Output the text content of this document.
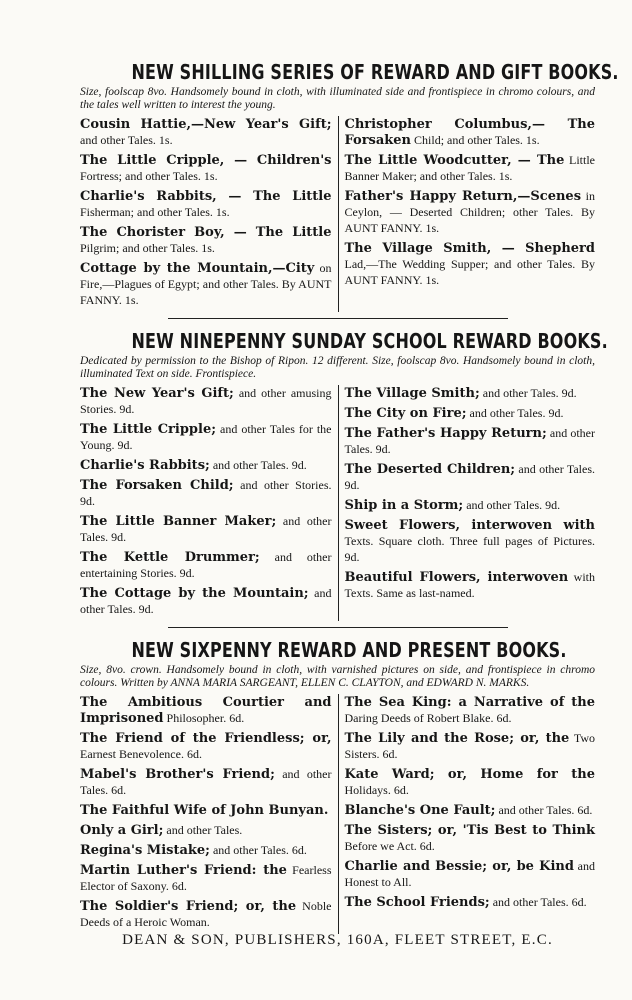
NEW SHILLING SERIES OF REWARD AND GIFT BOOKS.
Size, foolscap 8vo. Handsomely bound in cloth, with illuminated side and frontispiece in chromo colours, and the tales well written to interest the young.
Cousin Hattie,—New Year's Gift; and other Tales. 1s.
The Little Cripple, — Children's Fortress; and other Tales. 1s.
Charlie's Rabbits, — The Little Fisherman; and other Tales. 1s.
The Chorister Boy, — The Little Pilgrim; and other Tales. 1s.
Cottage by the Mountain,—City on Fire,—Plagues of Egypt; and other Tales. By AUNT FANNY. 1s.
Christopher Columbus,— The Forsaken Child; and other Tales. 1s.
The Little Woodcutter, — The Little Banner Maker; and other Tales. 1s.
Father's Happy Return,—Scenes in Ceylon, — Deserted Children; other Tales. By AUNT FANNY. 1s.
The Village Smith, — Shepherd Lad,—The Wedding Supper; and other Tales. By AUNT FANNY. 1s.
NEW NINEPENNY SUNDAY SCHOOL REWARD BOOKS.
Dedicated by permission to the Bishop of Ripon. 12 different. Size, foolscap 8vo. Handsomely bound in cloth, illuminated Text on side. Frontispiece.
The New Year's Gift; and other amusing Stories. 9d.
The Little Cripple; and other Tales for the Young. 9d.
Charlie's Rabbits; and other Tales. 9d.
The Forsaken Child; and other Stories. 9d.
The Little Banner Maker; and other Tales. 9d.
The Kettle Drummer; and other entertaining Stories. 9d.
The Cottage by the Mountain; and other Tales. 9d.
The Village Smith; and other Tales. 9d.
The City on Fire; and other Tales. 9d.
The Father's Happy Return; and other Tales. 9d.
The Deserted Children; and other Tales. 9d.
Ship in a Storm; and other Tales. 9d.
Sweet Flowers, interwoven with Texts. Square cloth. Three full pages of Pictures. 9d.
Beautiful Flowers, interwoven with Texts. Same as last-named.
NEW SIXPENNY REWARD AND PRESENT BOOKS.
Size, 8vo. crown. Handsomely bound in cloth, with varnished pictures on side, and frontispiece in chromo colours. Written by ANNA MARIA SARGEANT, ELLEN C. CLAYTON, and EDWARD N. MARKS.
The Ambitious Courtier and Imprisoned Philosopher. 6d.
The Friend of the Friendless; or, Earnest Benevolence. 6d.
Mabel's Brother's Friend; and other Tales. 6d.
The Faithful Wife of John Bunyan.
Only a Girl; and other Tales.
Regina's Mistake; and other Tales. 6d.
Martin Luther's Friend: the Fearless Elector of Saxony. 6d.
The Soldier's Friend; or, the Noble Deeds of a Heroic Woman.
The Sea King: a Narrative of the Daring Deeds of Robert Blake. 6d.
The Lily and the Rose; or, the Two Sisters. 6d.
Kate Ward; or, Home for the Holidays. 6d.
Blanche's One Fault; and other Tales. 6d.
The Sisters; or, 'Tis Best to Think Before we Act. 6d.
Charlie and Bessie; or, be Kind and Honest to All.
The School Friends; and other Tales. 6d.
DEAN & SON, PUBLISHERS, 160A, FLEET STREET, E.C.
